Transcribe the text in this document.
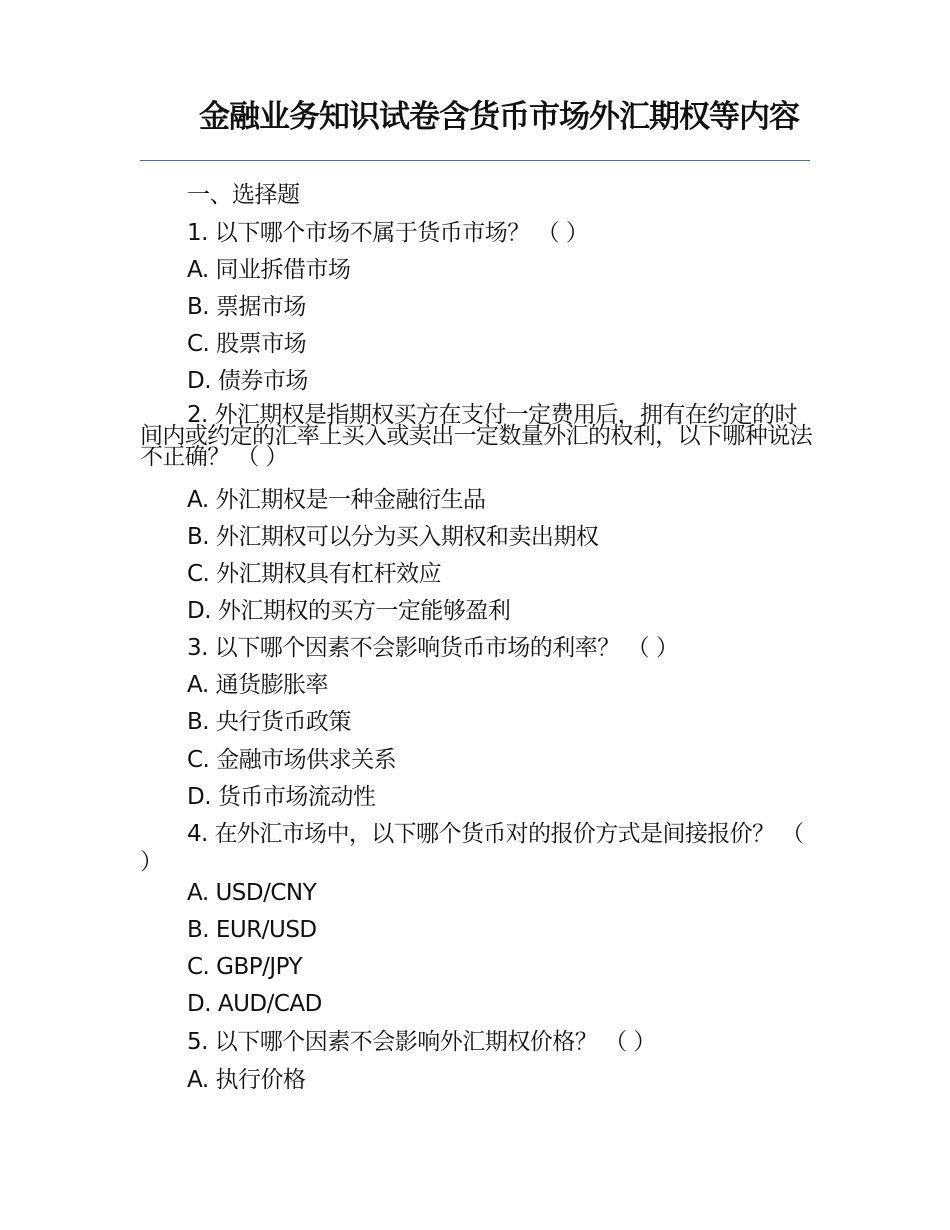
金融业务知识试卷含货币市场外汇期权等内容
一、选择题
1. 以下哪个市场不属于货币市场？ （ ）
A. 同业拆借市场
B. 票据市场
C. 股票市场
D. 债券市场
2. 外汇期权是指期权买方在支付一定费用后，拥有在约定的时间内或约定的汇率上买入或卖出一定数量外汇的权利，以下哪种说法不正确？ （ ）
A. 外汇期权是一种金融衍生品
B. 外汇期权可以分为买入期权和卖出期权
C. 外汇期权具有杠杆效应
D. 外汇期权的买方一定能够盈利
3. 以下哪个因素不会影响货币市场的利率？ （ ）
A. 通货膨胀率
B. 央行货币政策
C. 金融市场供求关系
D. 货币市场流动性
4. 在外汇市场中，以下哪个货币对的报价方式是间接报价？ （ ）
A. USD/CNY
B. EUR/USD
C. GBP/JPY
D. AUD/CAD
5. 以下哪个因素不会影响外汇期权价格？ （ ）
A. 执行价格
